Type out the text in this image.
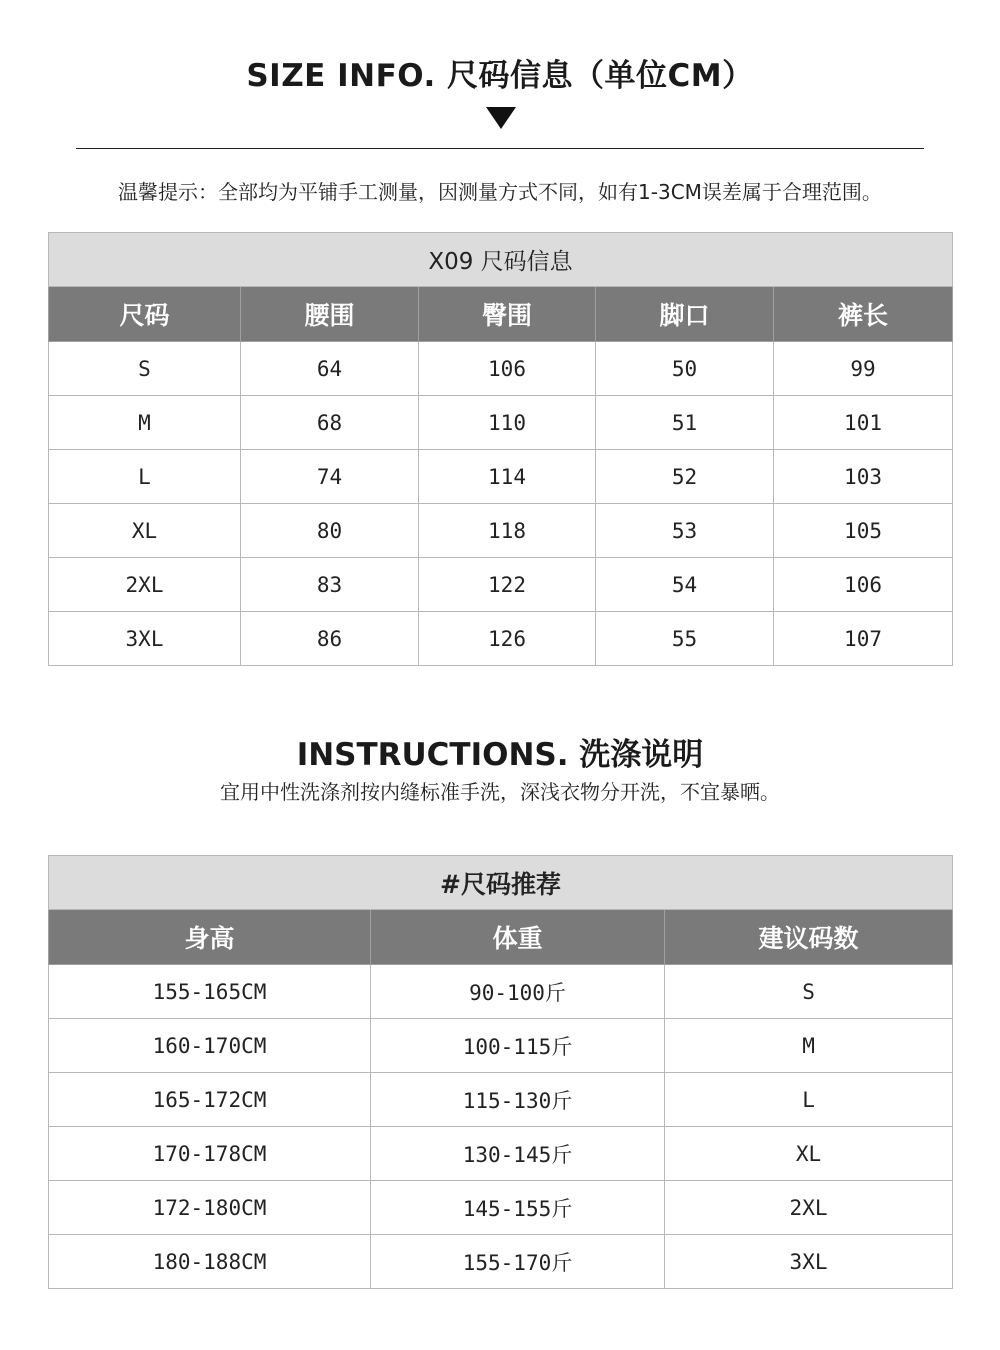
SIZE INFO. 尺码信息（单位CM）
温馨提示：全部均为平铺手工测量，因测量方式不同，如有1-3CM误差属于合理范围。
X09 尺码信息				
尺码	腰围	臀围	脚口	裤长
S	64	106	50	99
M	68	110	51	101
L	74	114	52	103
XL	80	118	53	105
2XL	83	122	54	106
3XL	86	126	55	107
INSTRUCTIONS. 洗涤说明
宜用中性洗涤剂按内缝标准手洗，深浅衣物分开洗，不宜暴晒。
#尺码推荐		
身高	体重	建议码数
155-165CM	90-100斤	S
160-170CM	100-115斤	M
165-172CM	115-130斤	L
170-178CM	130-145斤	XL
172-180CM	145-155斤	2XL
180-188CM	155-170斤	3XL
